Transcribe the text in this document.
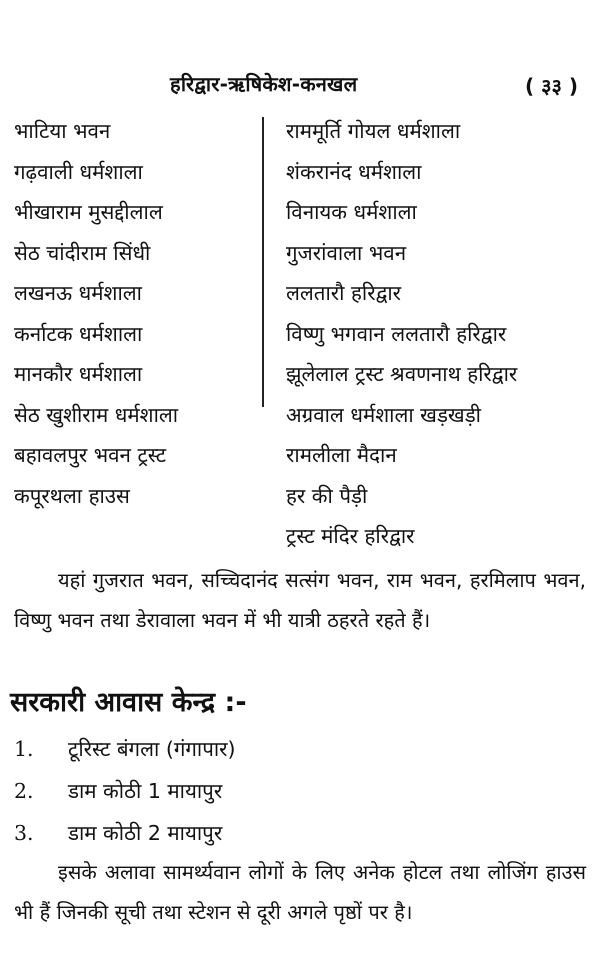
हरिद्वार-ऋषिकेश-कनखल	( ३३ )
भाटिया भवन
गढ़वाली धर्मशाला
भीखाराम मुसद्दीलाल
सेठ चांदीराम सिंधी
लखनऊ धर्मशाला
कर्नाटक धर्मशाला
मानकौर धर्मशाला
सेठ खुशीराम धर्मशाला
बहावलपुर भवन ट्रस्ट
कपूरथला हाउस
राममूर्ति गोयल धर्मशाला
शंकरानंद धर्मशाला
विनायक धर्मशाला
गुजरांवाला भवन
ललतारौ हरिद्वार
विष्णु भगवान ललतारौ हरिद्वार
झूलेलाल ट्रस्ट श्रवणनाथ हरिद्वार
अग्रवाल धर्मशाला खड़खड़ी
रामलीला मैदान
हर की पैड़ी
ट्रस्ट मंदिर हरिद्वार

यहां गुजरात भवन, सच्चिदानंद सत्संग भवन, राम भवन, हरमिलाप भवन, विष्णु भवन तथा डेरावाला भवन में भी यात्री ठहरते रहते हैं।

सरकारी आवास केन्द्र :-
1. टूरिस्ट बंगला (गंगापार)
2. डाम कोठी 1 मायापुर
3. डाम कोठी 2 मायापुर

इसके अलावा सामर्थ्यवान लोगों के लिए अनेक होटल तथा लोजिंग हाउस भी हैं जिनकी सूची तथा स्टेशन से दूरी अगले पृष्ठों पर है।
